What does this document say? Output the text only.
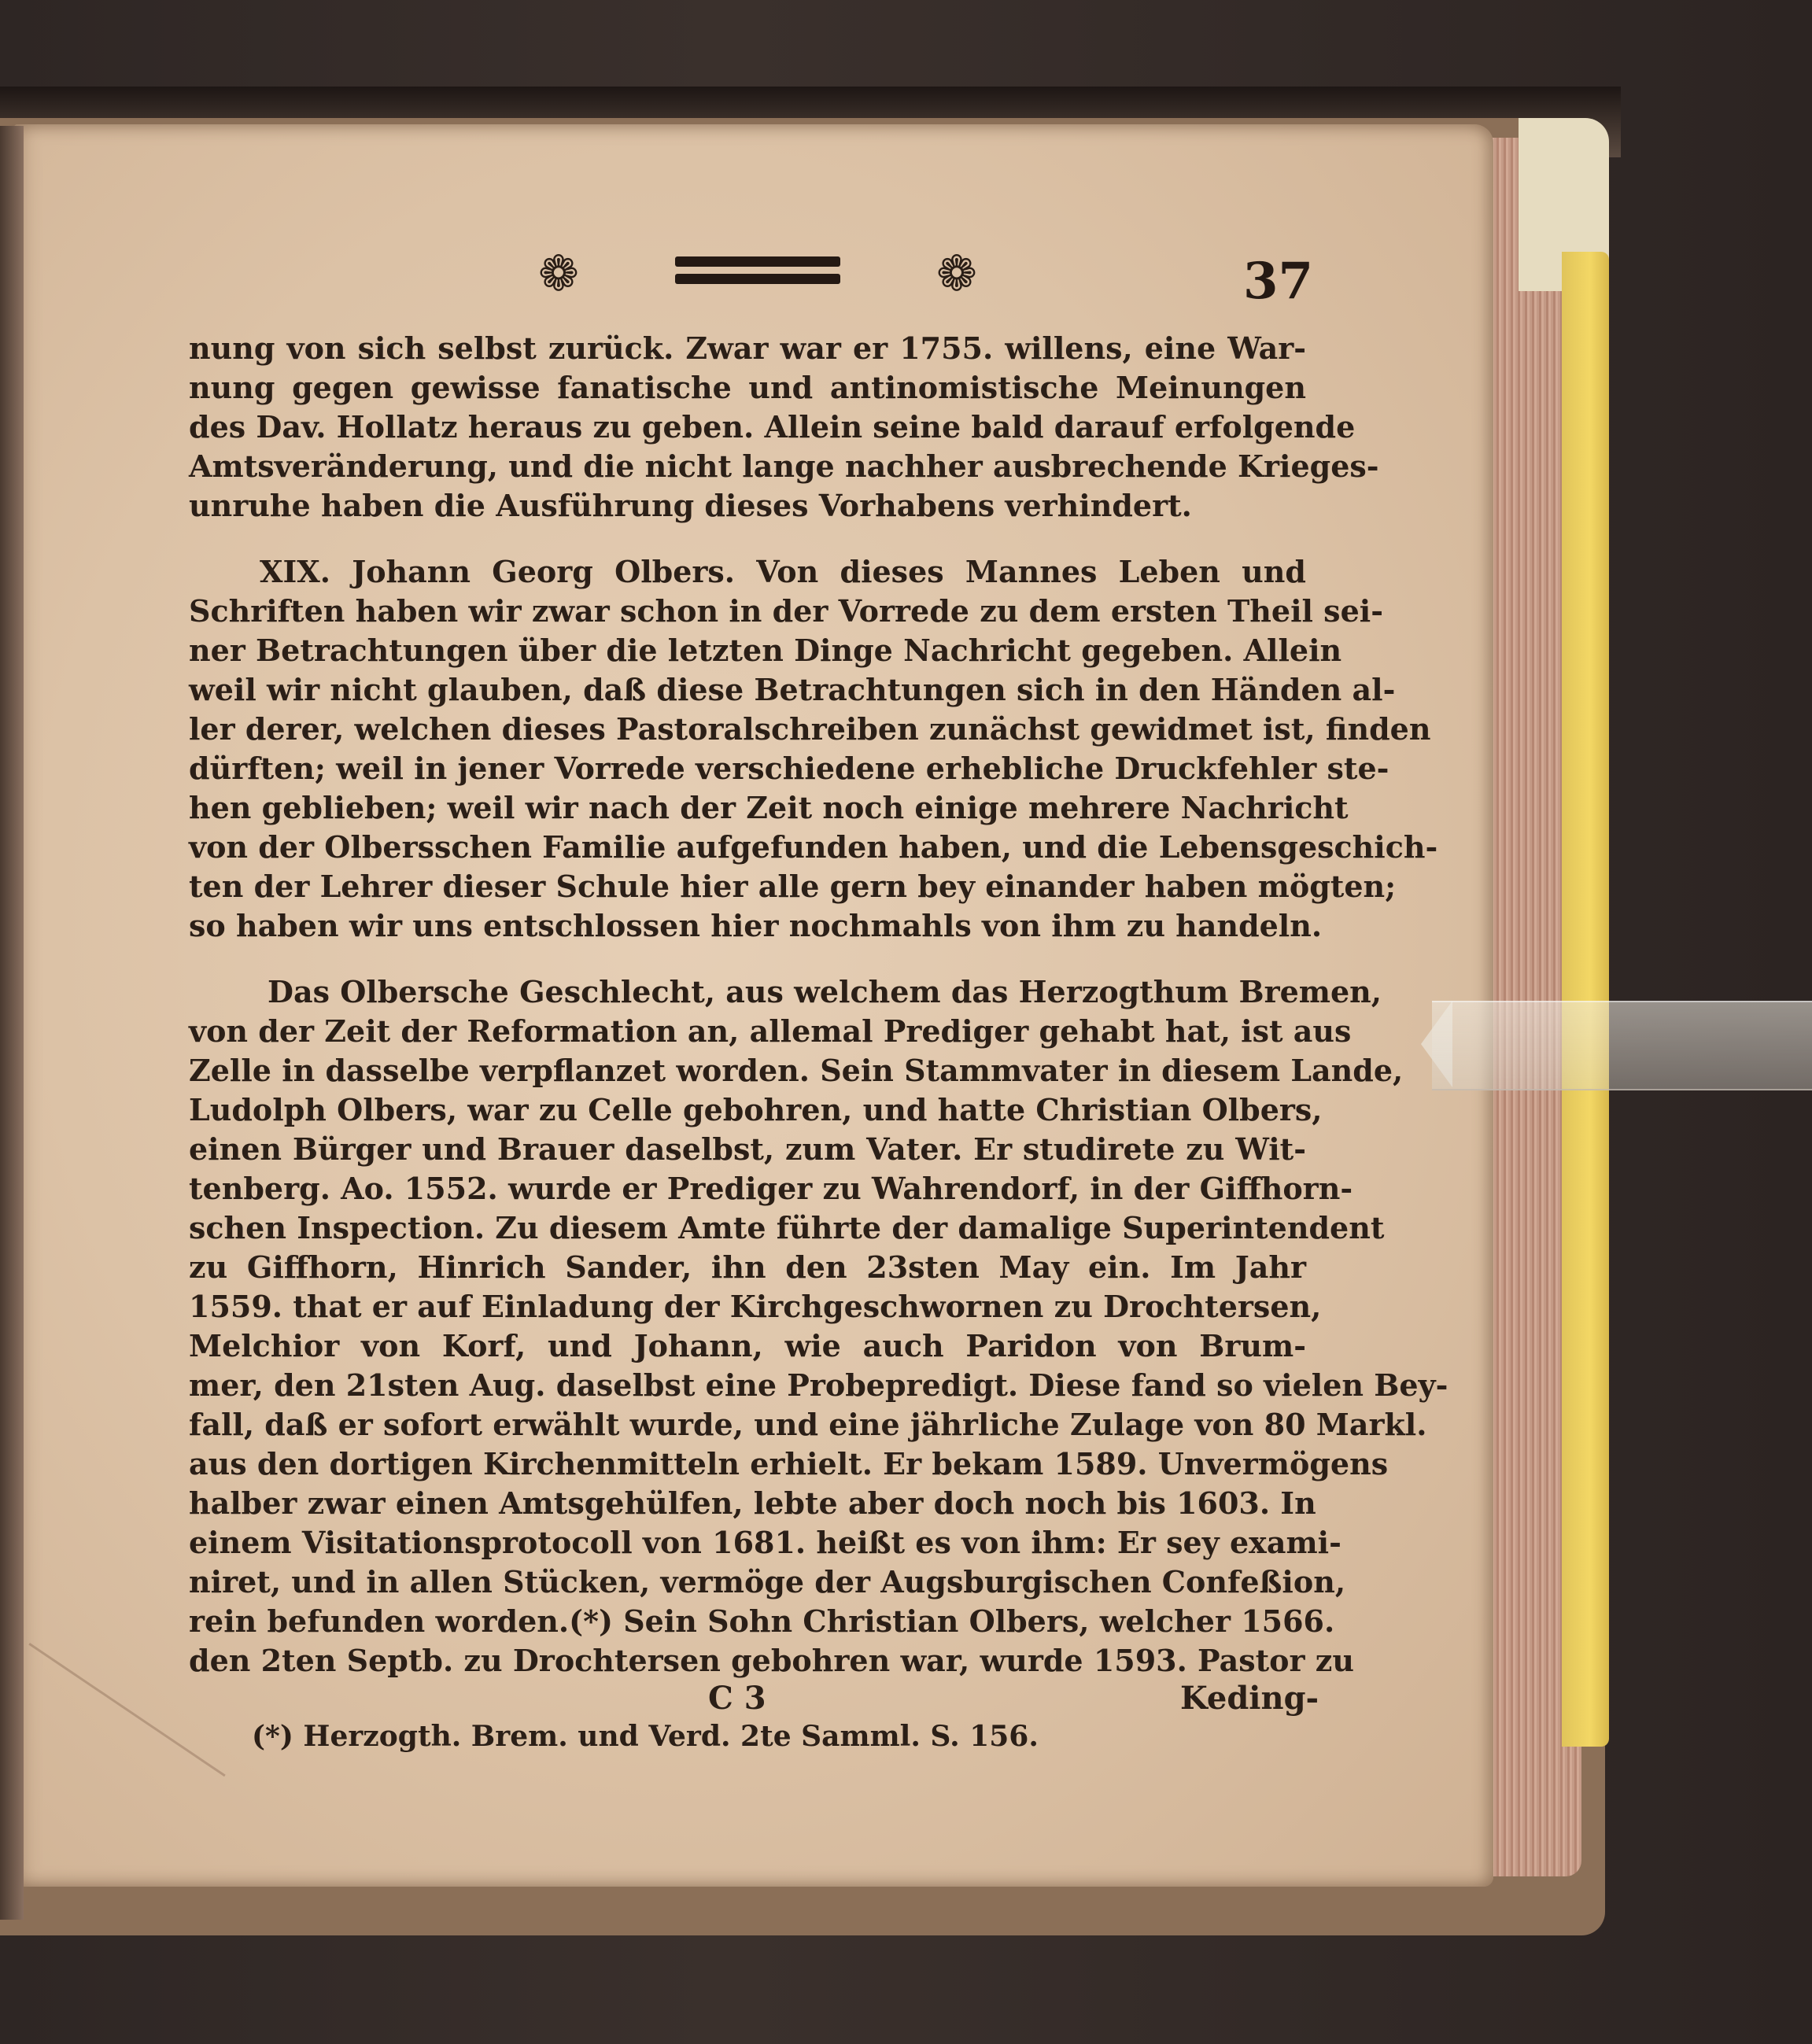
❁	❁	37
nung von sich selbst zurück. Zwar war er 1755. willens, eine War-
nung gegen gewisse fanatische und antinomistische Meinungen
des Dav. Hollatz heraus zu geben. Allein seine bald darauf erfolgende
Amtsveränderung, und die nicht lange nachher ausbrechende Krieges-
unruhe haben die Ausführung dieses Vorhabens verhindert.
XIX. Johann Georg Olbers. Von dieses Mannes Leben und
Schriften haben wir zwar schon in der Vorrede zu dem ersten Theil sei-
ner Betrachtungen über die letzten Dinge Nachricht gegeben. Allein
weil wir nicht glauben, daß diese Betrachtungen sich in den Händen al-
ler derer, welchen dieses Pastoralschreiben zunächst gewidmet ist, finden
dürften; weil in jener Vorrede verschiedene erhebliche Druckfehler ste-
hen geblieben; weil wir nach der Zeit noch einige mehrere Nachricht
von der Olbersschen Familie aufgefunden haben, und die Lebensgeschich-
ten der Lehrer dieser Schule hier alle gern bey einander haben mögten;
so haben wir uns entschlossen hier nochmahls von ihm zu handeln.
Das Olbersche Geschlecht, aus welchem das Herzogthum Bremen,
von der Zeit der Reformation an, allemal Prediger gehabt hat, ist aus
Zelle in dasselbe verpflanzet worden. Sein Stammvater in diesem Lande,
Ludolph Olbers, war zu Celle gebohren, und hatte Christian Olbers,
einen Bürger und Brauer daselbst, zum Vater. Er studirete zu Wit-
tenberg. Ao. 1552. wurde er Prediger zu Wahrendorf, in der Giffhorn-
schen Inspection. Zu diesem Amte führte der damalige Superintendent
zu Giffhorn, Hinrich Sander, ihn den 23sten May ein. Im Jahr
1559. that er auf Einladung der Kirchgeschwornen zu Drochtersen,
Melchior von Korf, und Johann, wie auch Paridon von Brum-
mer, den 21sten Aug. daselbst eine Probepredigt. Diese fand so vielen Bey-
fall, daß er sofort erwählt wurde, und eine jährliche Zulage von 80 Markl.
aus den dortigen Kirchenmitteln erhielt. Er bekam 1589. Unvermögens
halber zwar einen Amtsgehülfen, lebte aber doch noch bis 1603. In
einem Visitationsprotocoll von 1681. heißt es von ihm: Er sey exami-
niret, und in allen Stücken, vermöge der Augsburgischen Confeßion,
rein befunden worden.(*) Sein Sohn Christian Olbers, welcher 1566.
den 2ten Septb. zu Drochtersen gebohren war, wurde 1593. Pastor zu
C 3	Keding-
(*) Herzogth. Brem. und Verd. 2te Samml. S. 156.
